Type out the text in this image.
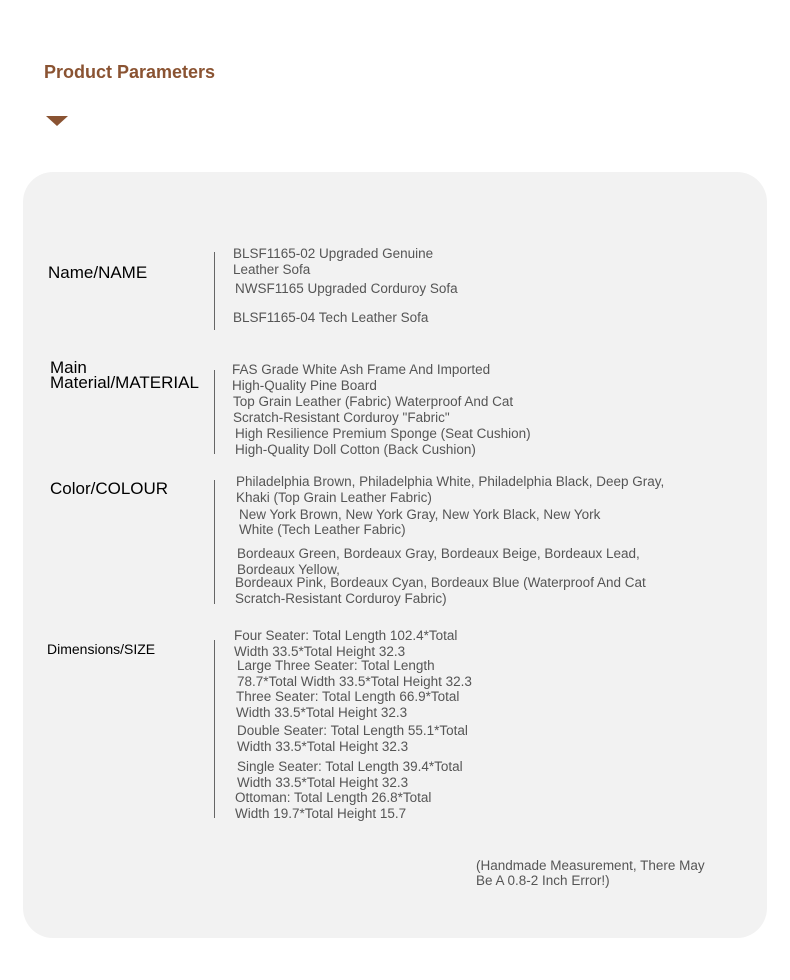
Product Parameters
Name/NAME
BLSF1165-02 Upgraded Genuine
Leather Sofa
NWSF1165 Upgraded Corduroy Sofa
BLSF1165-04 Tech Leather Sofa
Main
Material/MATERIAL
FAS Grade White Ash Frame And Imported
High-Quality Pine Board
Top Grain Leather (Fabric) Waterproof And Cat
Scratch-Resistant Corduroy "Fabric"
High Resilience Premium Sponge (Seat Cushion)
High-Quality Doll Cotton (Back Cushion)
Color/COLOUR	Philadelphia Brown, Philadelphia White, Philadelphia Black, Deep Gray,
Khaki (Top Grain Leather Fabric)
New York Brown, New York Gray, New York Black, New York
White (Tech Leather Fabric)
Bordeaux Green, Bordeaux Gray, Bordeaux Beige, Bordeaux Lead,
Bordeaux Yellow,
Bordeaux Pink, Bordeaux Cyan, Bordeaux Blue (Waterproof And Cat
Scratch-Resistant Corduroy Fabric)
Dimensions/SIZE
Four Seater: Total Length 102.4*Total
Width 33.5*Total Height 32.3
Large Three Seater: Total Length
78.7*Total Width 33.5*Total Height 32.3
Three Seater: Total Length 66.9*Total
Width 33.5*Total Height 32.3
Double Seater: Total Length 55.1*Total
Width 33.5*Total Height 32.3
Single Seater: Total Length 39.4*Total
Width 33.5*Total Height 32.3
Ottoman: Total Length 26.8*Total
Width 19.7*Total Height 15.7
(Handmade Measurement, There May
Be A 0.8-2 Inch Error!)
